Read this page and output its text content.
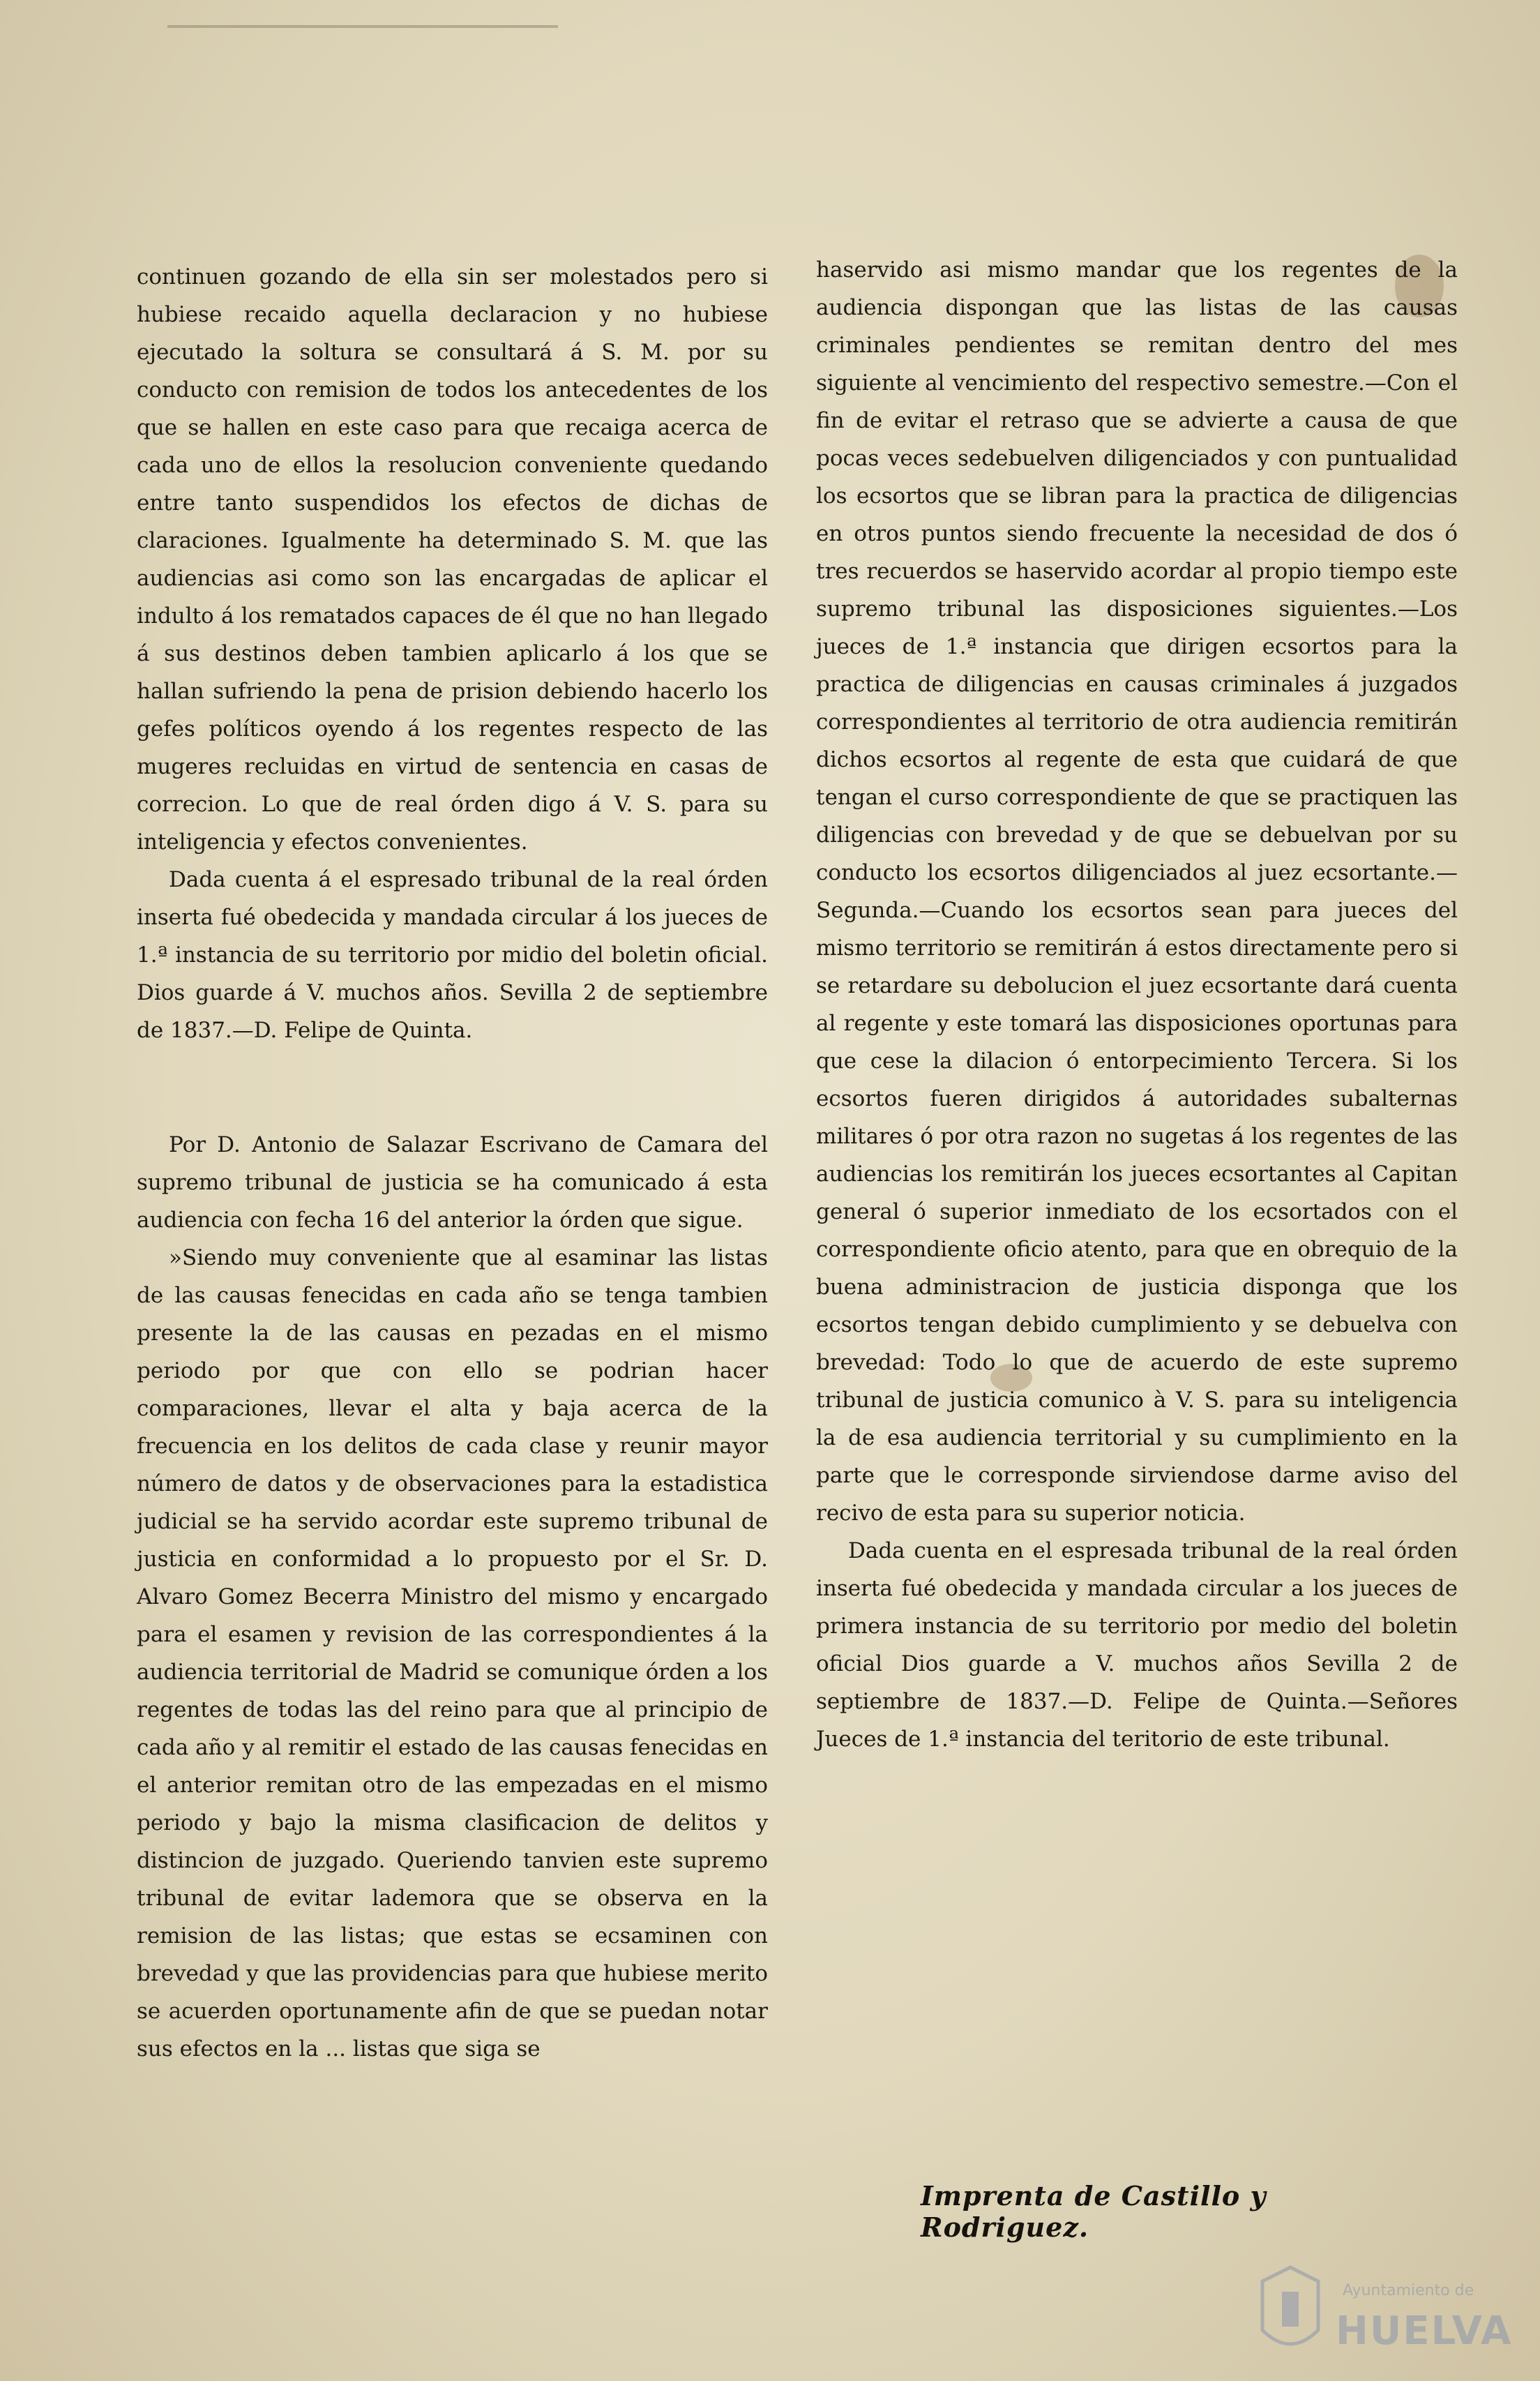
continuen gozando de ella sin ser molestados pero si hubiese recaido aquella declaracion y no hubiese ejecutado la soltura se consultará á S. M. por su conducto con remision de todos los antecedentes de los que se hallen en este caso para que recaiga acerca de cada uno de ellos la resolucion conveniente quedando entre tanto suspendidos los efectos de dichas de claraciones. Igualmente ha determinado S. M. que las audiencias asi como son las encargadas de aplicar el indulto á los rematados capaces de él que no han llegado á sus destinos deben tambien aplicarlo á los que se hallan sufriendo la pena de prision debiendo hacerlo los gefes políticos oyendo á los regentes respecto de las mugeres recluidas en virtud de sentencia en casas de correcion. Lo que de real órden digo á V. S. para su inteligencia y efectos convenientes.

Dada cuenta á el espresado tribunal de la real órden inserta fué obedecida y mandada circular á los jueces de 1.ª instancia de su territorio por midio del boletin oficial. Dios guarde á V. muchos años. Sevilla 2 de septiembre de 1837.—D. Felipe de Quinta.

Por D. Antonio de Salazar Escrivano de Camara del supremo tribunal de justicia se ha comunicado á esta audiencia con fecha 16 del anterior la órden que sigue.

»Siendo muy conveniente que al esaminar las listas de las causas fenecidas en cada año se tenga tambien presente la de las causas en pezadas en el mismo periodo por que con ello se podrian hacer comparaciones, llevar el alta y baja acerca de la frecuencia en los delitos de cada clase y reunir mayor número de datos y de observaciones para la estadistica judicial se ha servido acordar este supremo tribunal de justicia en conformidad a lo propuesto por el Sr. D. Alvaro Gomez Becerra Ministro del mismo y encargado para el esamen y revision de las correspondientes á la audiencia territorial de Madrid se comunique órden a los regentes de todas las del reino para que al principio de cada año y al remitir el estado de las causas fenecidas en el anterior remitan otro de las empezadas en el mismo periodo y bajo la misma clasificacion de delitos y distincion de juzgado. Queriendo tanvien este supremo tribunal de evitar lademora que se observa en la remision de las listas; que estas se ecsaminen con brevedad y que las providencias para que hubiese merito se acuerden oportunamente afin de que se puedan notar sus efectos en la ... listas que siga se

haservido asi mismo mandar que los regentes de la audiencia dispongan que las listas de las causas criminales pendientes se remitan dentro del mes siguiente al vencimiento del respectivo semestre.—Con el fin de evitar el retraso que se advierte a causa de que pocas veces sedebuelven diligenciados y con puntualidad los ecsortos que se libran para la practica de diligencias en otros puntos siendo frecuente la necesidad de dos ó tres recuerdos se haservido acordar al propio tiempo este supremo tribunal las disposiciones siguientes.—Los jueces de 1.ª instancia que dirigen ecsortos para la practica de diligencias en causas criminales á juzgados correspondientes al territorio de otra audiencia remitirán dichos ecsortos al regente de esta que cuidará de que tengan el curso correspondiente de que se practiquen las diligencias con brevedad y de que se debuelvan por su conducto los ecsortos diligenciados al juez ecsortante.— Segunda.—Cuando los ecsortos sean para jueces del mismo territorio se remitirán á estos directamente pero si se retardare su debolucion el juez ecsortante dará cuenta al regente y este tomará las disposiciones oportunas para que cese la dilacion ó entorpecimiento Tercera. Si los ecsortos fueren dirigidos á autoridades subalternas militares ó por otra razon no sugetas á los regentes de las audiencias los remitirán los jueces ecsortantes al Capitan general ó superior inmediato de los ecsortados con el correspondiente oficio atento, para que en obrequio de la buena administracion de justicia disponga que los ecsortos tengan debido cumplimiento y se debuelva con brevedad: Todo lo que de acuerdo de este supremo tribunal de justicia comunico à V. S. para su inteligencia la de esa audiencia territorial y su cumplimiento en la parte que le corresponde sirviendose darme aviso del recivo de esta para su superior noticia.

Dada cuenta en el espresada tribunal de la real órden inserta fué obedecida y mandada circular a los jueces de primera instancia de su territorio por medio del boletin oficial Dios guarde a V. muchos años Sevilla 2 de septiembre de 1837.—D. Felipe de Quinta.—Señores Jueces de 1.ª instancia del teritorio de este tribunal.

Imprenta de Castillo y Rodriguez.
Ayuntamiento de
HUELVA
